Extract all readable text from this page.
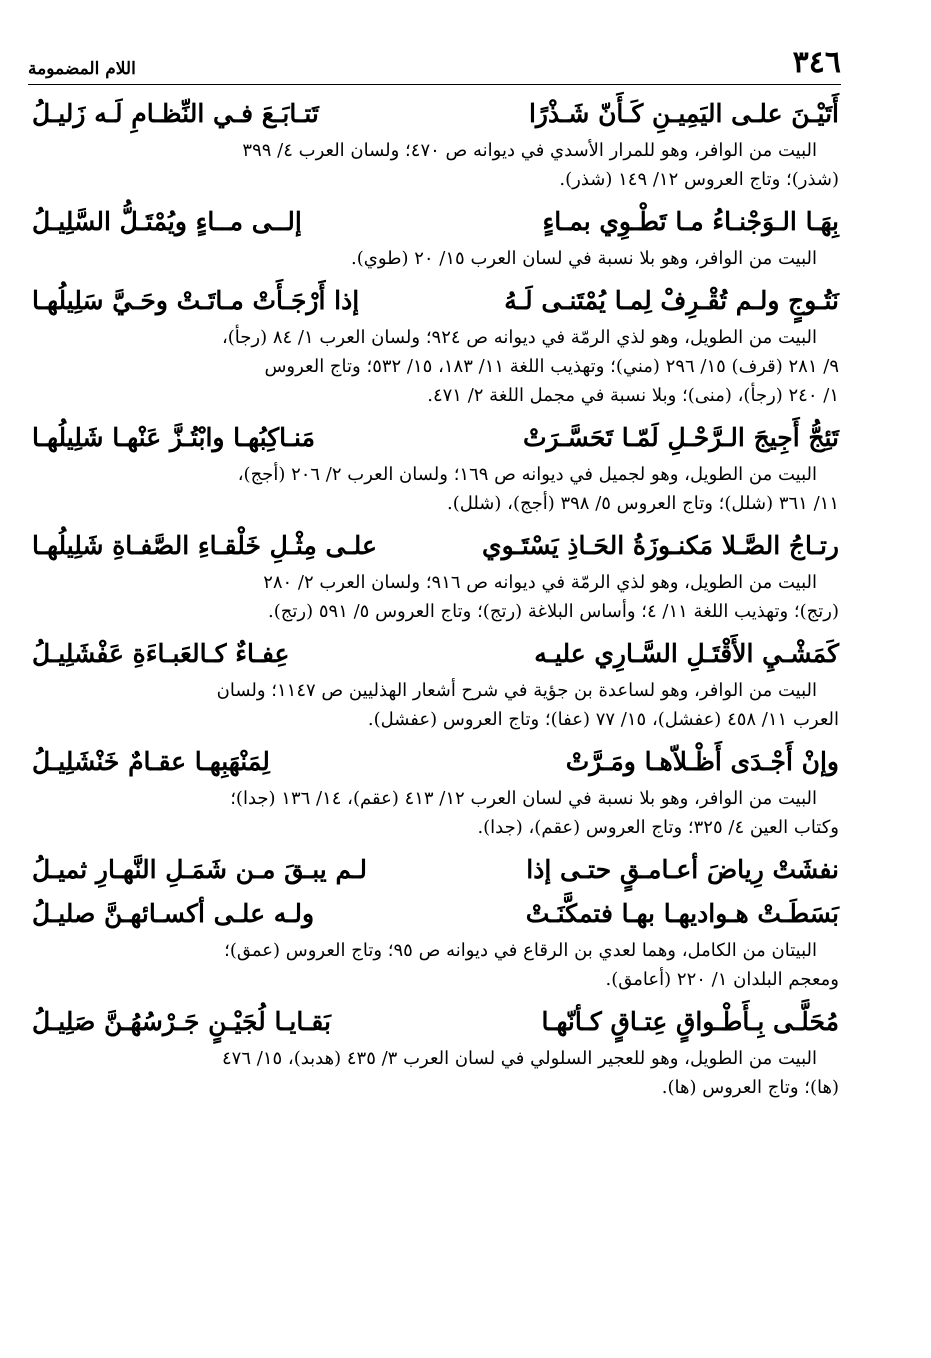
٣٤٦
اللام المضمومة
أَتَيْـنَ علـى اليَمِيـنِ كَـأَنّ شَـذْرًا
تَتـابَـعَ فـي النِّظـامِ لَـه زَليـلُ

البيت من الوافر، وهو للمرار الأسدي في ديوانه ص ٤٧٠؛ ولسان العرب ٤/ ٣٩٩

(شذر)؛ وتاج العروس ١٢/ ١٤٩ (شذر).

بِهَـا الـوَجْنـاءُ مـا تَطْـوِي بمـاءٍ
إلــى مــاءٍ ويُمْتَـلُّ السَّلِيـلُ

البيت من الوافر، وهو بلا نسبة في لسان العرب ١٥/ ٢٠ (طوي).

نَتُـوجٍ ولـم تُقْـرِفْ لِمـا يُمْتَنـى لَـهُ
إذا أَرْجَـأَتْ مـاتَـتْ وحَـيَّ سَلِيلُهـا

البيت من الطويل، وهو لذي الرمّة في ديوانه ص ٩٢٤؛ ولسان العرب ١/ ٨٤ (رجأ)،

٩/ ٢٨١ (قرف) ١٥/ ٢٩٦ (مني)؛ وتهذيب اللغة ١١/ ١٨٣، ١٥/ ٥٣٢؛ وتاج العروس

١/ ٢٤٠ (رجأ)، (منى)؛ وبلا نسبة في مجمل اللغة ٢/ ٤٧١.

تَئِجُّ أَجِيجَ الـرَّحْـلِ لَمّـا تَحَسَّـرَتْ
مَنـاكِبُهـا وابْتُـزَّ عَنْهـا شَلِيلُهـا

البيت من الطويل، وهو لجميل في ديوانه ص ١٦٩؛ ولسان العرب ٢/ ٢٠٦ (أجج)،

١١/ ٣٦١ (شلل)؛ وتاج العروس ٥/ ٣٩٨ (أجج)، (شلل).

رتـاجُ الصَّـلا مَكنـوزَةُ الحَـاذِ يَسْتَـوي
علـى مِثْـلِ خَلْقـاءِ الصَّفـاةِ شَلِيلُهـا

البيت من الطويل، وهو لذي الرمّة في ديوانه ص ٩١٦؛ ولسان العرب ٢/ ٢٨٠

(رتج)؛ وتهذيب اللغة ١١/ ٤؛ وأساس البلاغة (رتج)؛ وتاج العروس ٥/ ٥٩١ (رتج).

كَمَشْـيِ الأَقْتَـلِ السَّـارِي عليـه
عِفـاءٌ كـالعَبـاءَةِ عَفْشَلِيـلُ

البيت من الوافر، وهو لساعدة بن جؤية في شرح أشعار الهذليين ص ١١٤٧؛ ولسان

العرب ١١/ ٤٥٨ (عفشل)، ١٥/ ٧٧ (عفا)؛ وتاج العروس (عفشل).

وإنْ أَجْـدَى أَظْـلاّهـا ومَـرَّتْ
لِمَنْهَبِهـا عقـامٌ خَنْشَلِيـلُ

البيت من الوافر، وهو بلا نسبة في لسان العرب ١٢/ ٤١٣ (عقم)، ١٤/ ١٣٦ (جدا)؛

وكتاب العين ٤/ ٣٢٥؛ وتاج العروس (عقم)، (جدا).

نفشَتْ رِياضَ أعـامـقٍ حتـى إذا
لـم يبـقَ مـن شَمَـلِ النَّهـارِ ثميـلُ
بَسَطَـتْ هـواديهـا بهـا فتمكَّنَـتْ
ولـه علـى أكسـائهـنَّ صليـلُ

البيتان من الكامل، وهما لعدي بن الرقاع في ديوانه ص ٩٥؛ وتاج العروس (عمق)؛

ومعجم البلدان ١/ ٢٢٠ (أعامق).

مُحَلَّـى بِـأَطْـواقٍ عِتـاقٍ كـأنّهـا
بَقـايـا لُجَيْـنٍ جَـرْسُهُـنَّ صَلِيـلُ

البيت من الطويل، وهو للعجير السلولي في لسان العرب ٣/ ٤٣٥ (هدبد)، ١٥/ ٤٧٦

(ها)؛ وتاج العروس (ها).
